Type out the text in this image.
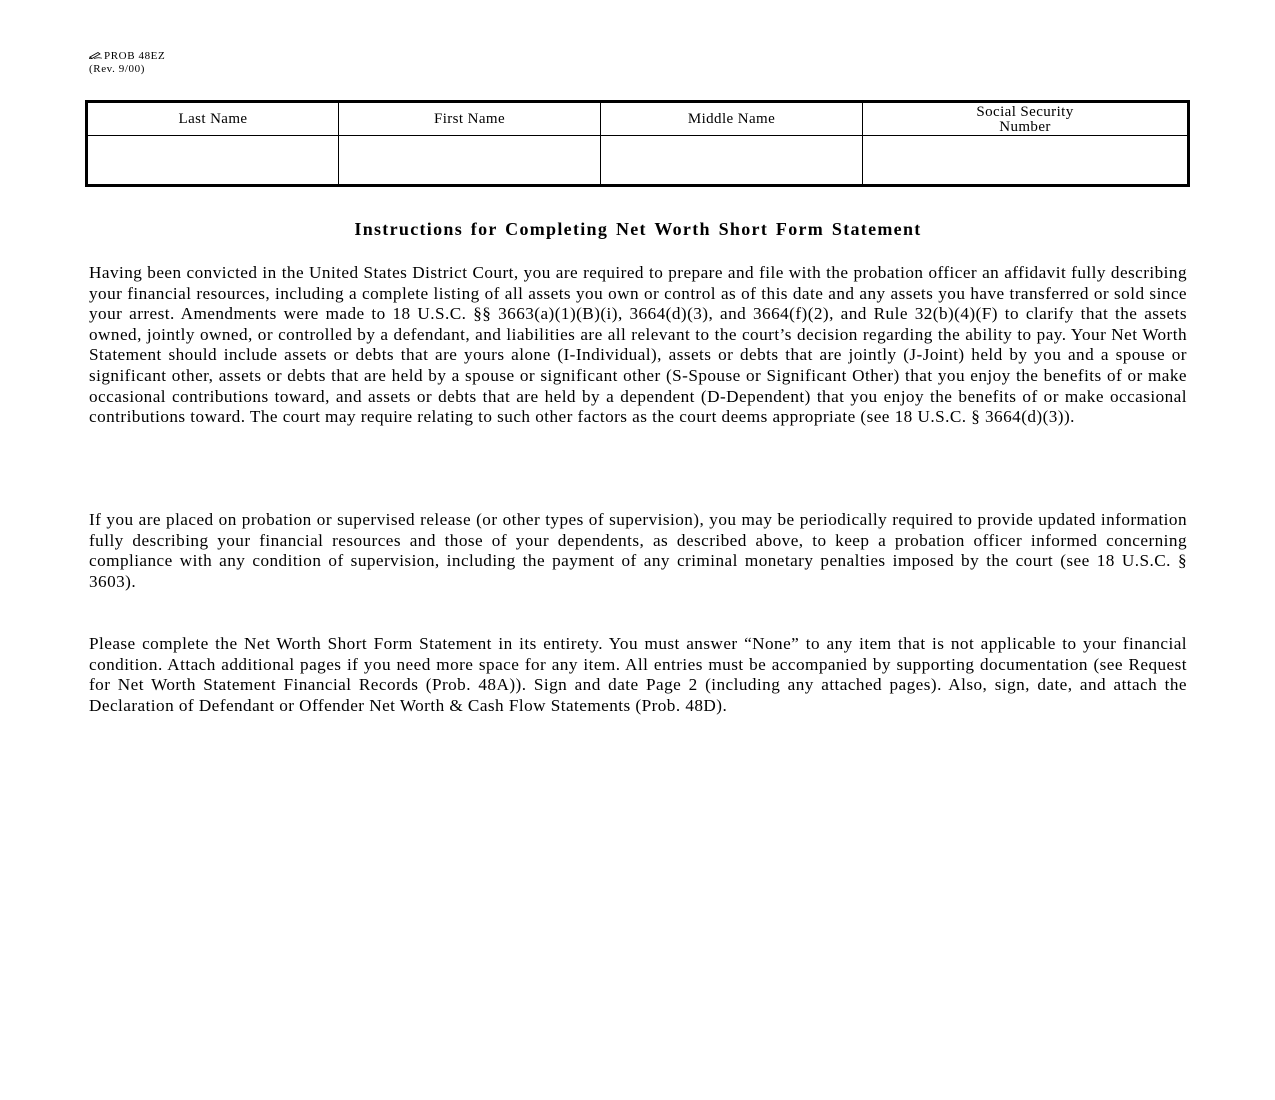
PROB 48EZ
(Rev. 9/00)
Last Name	First Name	Middle Name	Social Security Number

Instructions for Completing Net Worth Short Form Statement

Having been convicted in the United States District Court, you are required to prepare and file with the probation officer an affidavit fully describing your financial resources, including a complete listing of all assets you own or control as of this date and any assets you have transferred or sold since your arrest. Amendments were made to 18 U.S.C. §§ 3663(a)(1)(B)(i), 3664(d)(3), and 3664(f)(2), and Rule 32(b)(4)(F) to clarify that the assets owned, jointly owned, or controlled by a defendant, and liabilities are all relevant to the court’s decision regarding the ability to pay. Your Net Worth Statement should include assets or debts that are yours alone (I-Individual), assets or debts that are jointly (J-Joint) held by you and a spouse or significant other, assets or debts that are held by a spouse or significant other (S-Spouse or Significant Other) that you enjoy the benefits of or make occasional contributions toward, and assets or debts that are held by a dependent (D-Dependent) that you enjoy the benefits of or make occasional contributions toward. The court may require relating to such other factors as the court deems appropriate (see 18 U.S.C. § 3664(d)(3)).

If you are placed on probation or supervised release (or other types of supervision), you may be periodically required to provide updated information fully describing your financial resources and those of your dependents, as described above, to keep a probation officer informed concerning compliance with any condition of supervision, including the payment of any criminal monetary penalties imposed by the court (see 18 U.S.C. § 3603).

Please complete the Net Worth Short Form Statement in its entirety. You must answer “None” to any item that is not applicable to your financial condition. Attach additional pages if you need more space for any item. All entries must be accompanied by supporting documentation (see Request for Net Worth Statement Financial Records (Prob. 48A)). Sign and date Page 2 (including any attached pages). Also, sign, date, and attach the Declaration of Defendant or Offender Net Worth & Cash Flow Statements (Prob. 48D).
